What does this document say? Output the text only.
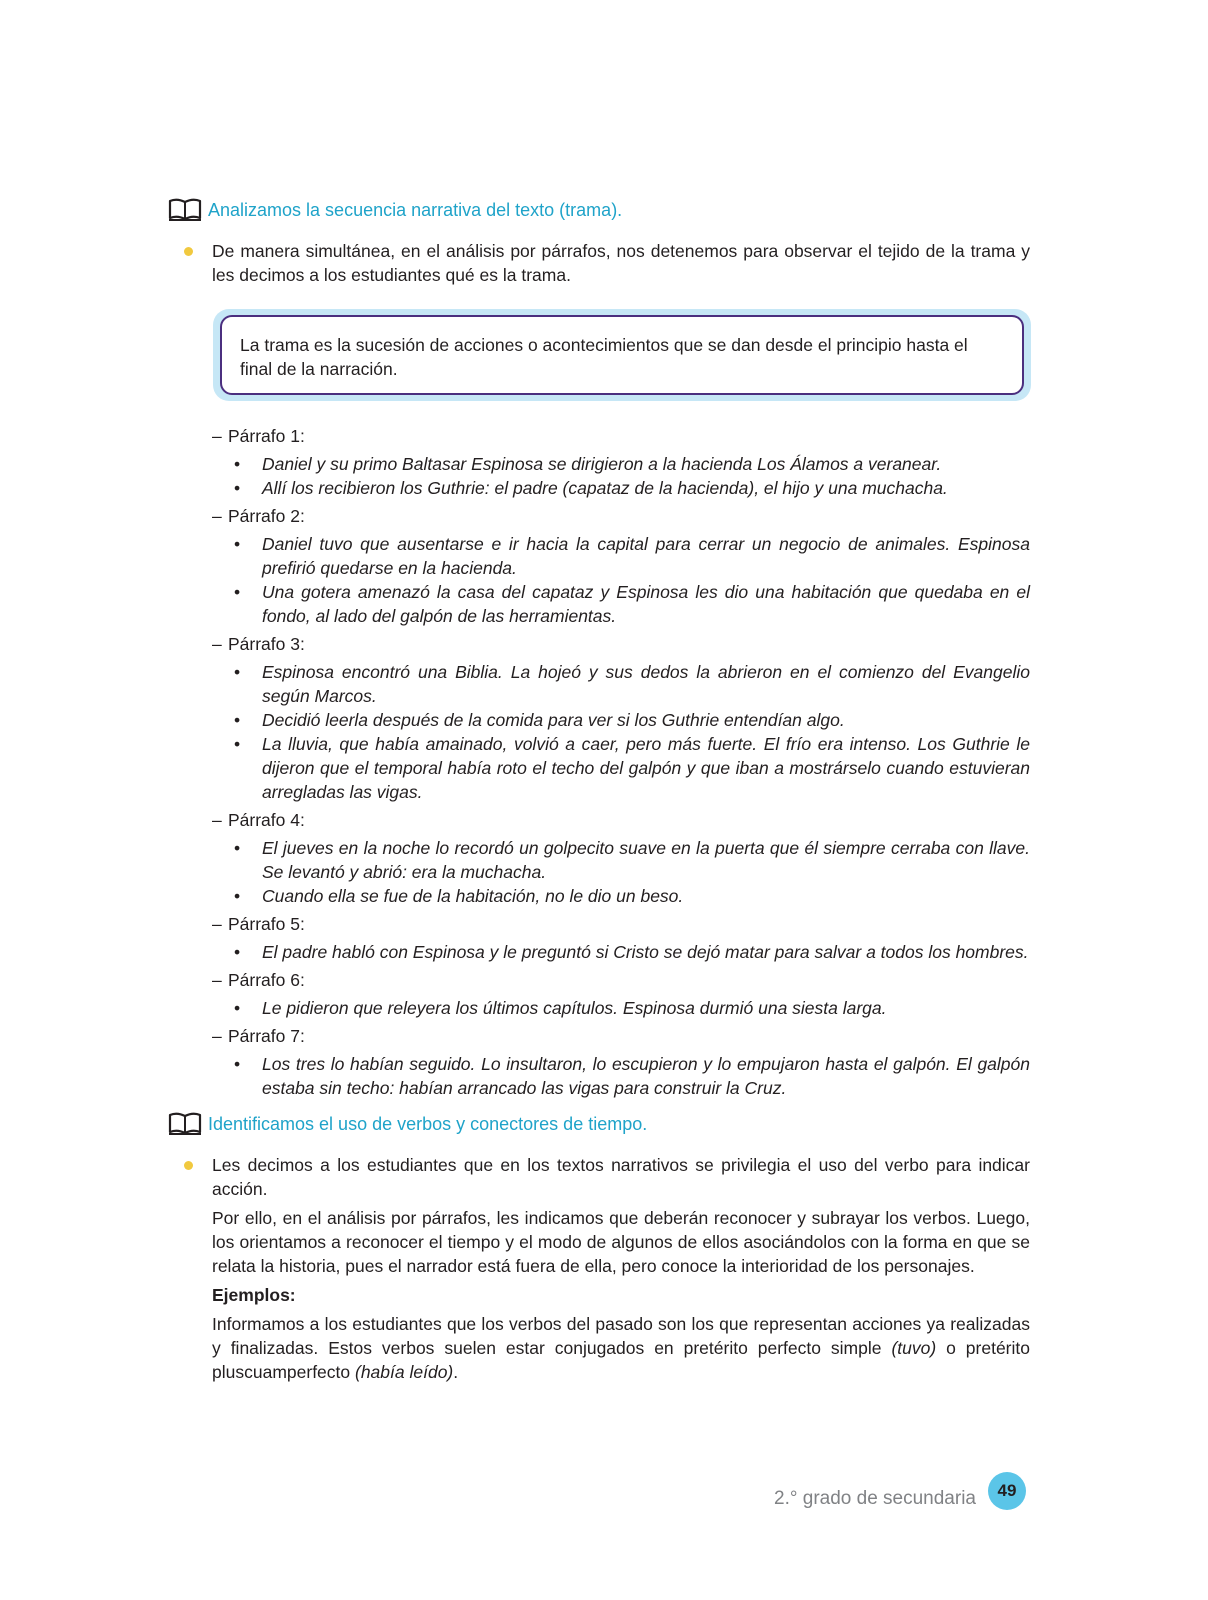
Analizamos la secuencia narrativa del texto (trama).

De manera simultánea, en el análisis por párrafos, nos detenemos para observar el tejido de la trama y les decimos a los estudiantes qué es la trama.

La trama es la sucesión de acciones o acontecimientos que se dan desde el principio hasta el final de la narración.
– Párrafo 1:
• Daniel y su primo Baltasar Espinosa se dirigieron a la hacienda Los Álamos a veranear.
• Allí los recibieron los Guthrie: el padre (capataz de la hacienda), el hijo y una muchacha.
– Párrafo 2:
• Daniel tuvo que ausentarse e ir hacia la capital para cerrar un negocio de animales. Espinosa prefirió quedarse en la hacienda.
• Una gotera amenazó la casa del capataz y Espinosa les dio una habitación que quedaba en el fondo, al lado del galpón de las herramientas.
– Párrafo 3:
• Espinosa encontró una Biblia. La hojeó y sus dedos la abrieron en el comienzo del Evangelio según Marcos.
• Decidió leerla después de la comida para ver si los Guthrie entendían algo.
• La lluvia, que había amainado, volvió a caer, pero más fuerte. El frío era intenso. Los Guthrie le dijeron que el temporal había roto el techo del galpón y que iban a mostrárselo cuando estuvieran arregladas las vigas.
– Párrafo 4:
• El jueves en la noche lo recordó un golpecito suave en la puerta que él siempre cerraba con llave. Se levantó y abrió: era la muchacha.
• Cuando ella se fue de la habitación, no le dio un beso.
– Párrafo 5:
• El padre habló con Espinosa y le preguntó si Cristo se dejó matar para salvar a todos los hombres.
– Párrafo 6:
• Le pidieron que releyera los últimos capítulos. Espinosa durmió una siesta larga.
– Párrafo 7:
• Los tres lo habían seguido. Lo insultaron, lo escupieron y lo empujaron hasta el galpón. El galpón estaba sin techo: habían arrancado las vigas para construir la Cruz.
Identificamos el uso de verbos y conectores de tiempo.

Les decimos a los estudiantes que en los textos narrativos se privilegia el uso del verbo para indicar acción.

Por ello, en el análisis por párrafos, les indicamos que deberán reconocer y subrayar los verbos. Luego, los orientamos a reconocer el tiempo y el modo de algunos de ellos asociándolos con la forma en que se relata la historia, pues el narrador está fuera de ella, pero conoce la interioridad de los personajes.

Ejemplos:

Informamos a los estudiantes que los verbos del pasado son los que representan acciones ya realizadas y finalizadas. Estos verbos suelen estar conjugados en pretérito perfecto simple (tuvo) o pretérito pluscuamperfecto (había leído).

2.° grado de secundaria	49
